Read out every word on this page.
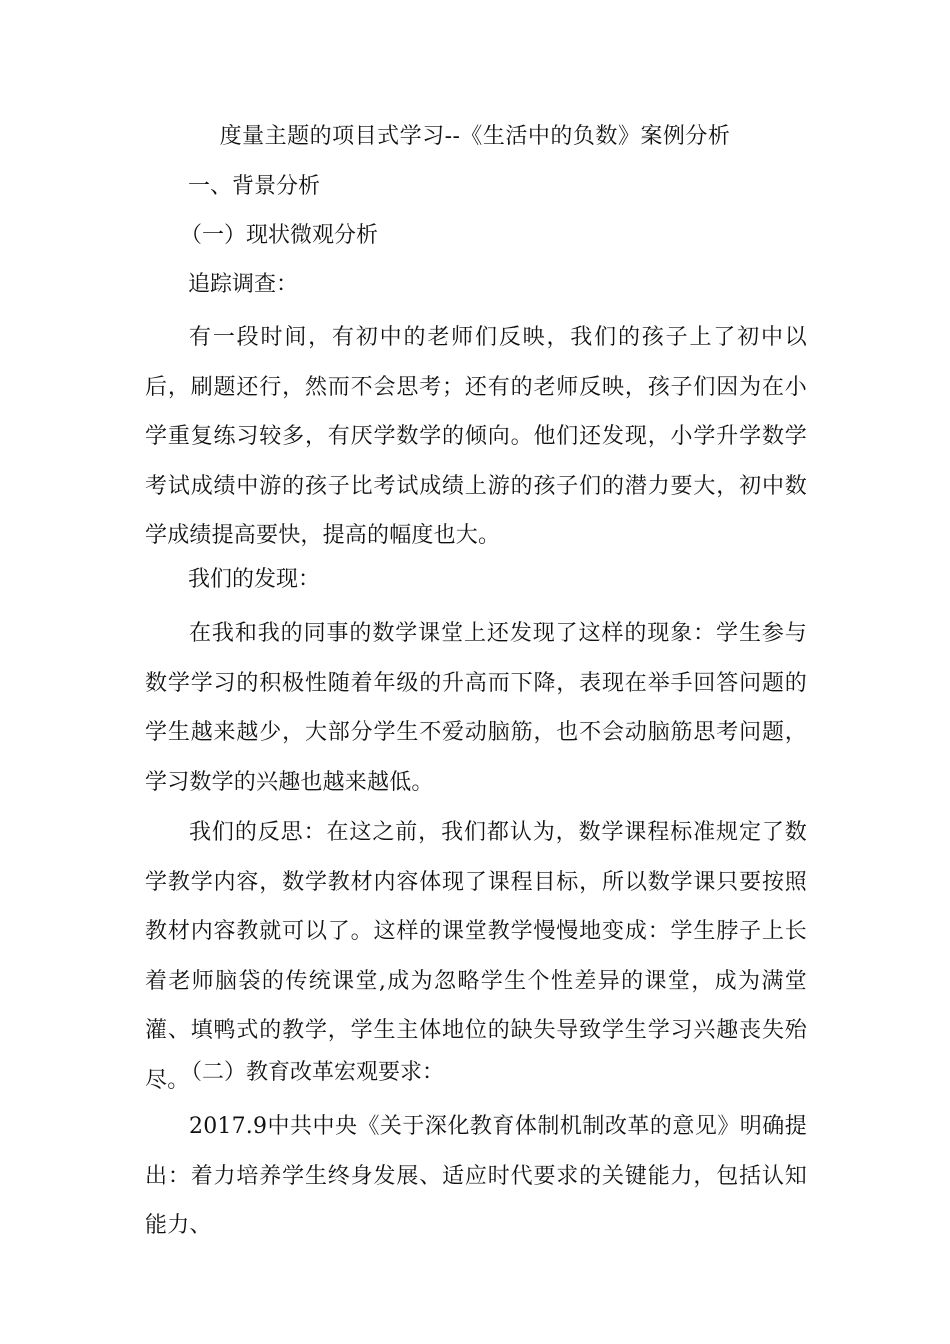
度量主题的项目式学习--《生活中的负数》案例分析
一、背景分析
（一）现状微观分析
追踪调查：
有一段时间，有初中的老师们反映，我们的孩子上了初中以后，刷题还行，然而不会思考；还有的老师反映，孩子们因为在小学重复练习较多，有厌学数学的倾向。他们还发现，小学升学数学考试成绩中游的孩子比考试成绩上游的孩子们的潜力要大，初中数学成绩提高要快，提高的幅度也大。
我们的发现：
在我和我的同事的数学课堂上还发现了这样的现象：学生参与数学学习的积极性随着年级的升高而下降，表现在举手回答问题的学生越来越少，大部分学生不爱动脑筋，也不会动脑筋思考问题，学习数学的兴趣也越来越低。
我们的反思：在这之前，我们都认为，数学课程标准规定了数学教学内容，数学教材内容体现了课程目标，所以数学课只要按照教材内容教就可以了。这样的课堂教学慢慢地变成：学生脖子上长着老师脑袋的传统课堂,成为忽略学生个性差异的课堂，成为满堂灌、填鸭式的教学，学生主体地位的缺失导致学生学习兴趣丧失殆尽。
（二）教育改革宏观要求：
2017.9中共中央《关于深化教育体制机制改革的意见》明确提出：着力培养学生终身发展、适应时代要求的关键能力，包括认知能力、
